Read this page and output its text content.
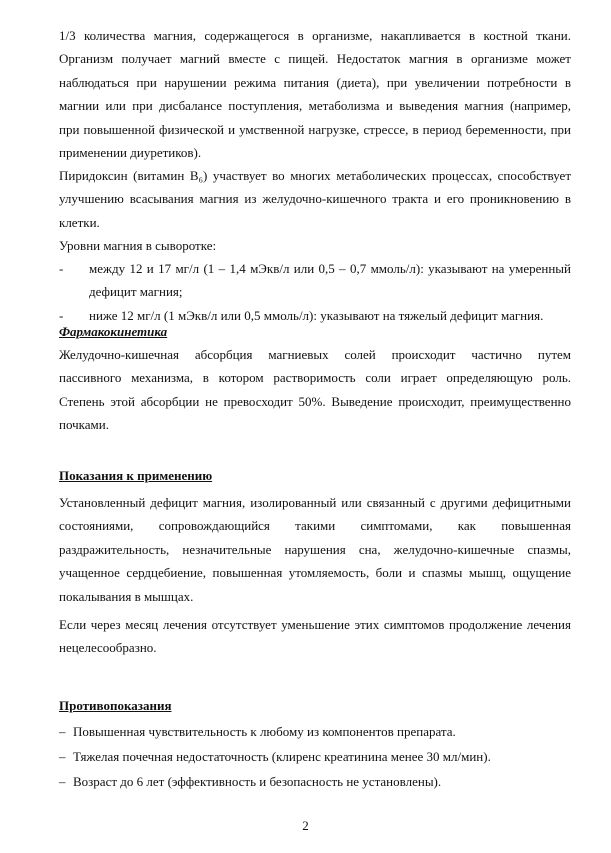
1/3 количества магния, содержащегося в организме, накапливается в костной ткани.
Организм получает магний вместе с пищей. Недостаток магния в организме может
наблюдаться при нарушении режима питания (диета), при увеличении потребности в
магнии или при дисбалансе поступления, метаболизма и выведения магния (например,
при повышенной физической и умственной нагрузке, стрессе, в период беременности, при
применении диуретиков).
Пиридоксин (витамин B₆) участвует во многих метаболических процессах, способствует
улучшению всасывания магния из желудочно-кишечного тракта и его проникновению в
клетки.
Уровни магния в сыворотке:
- между 12 и 17 мг/л (1 – 1,4 мЭкв/л или 0,5 – 0,7 ммоль/л): указывают на умеренный
дефицит магния;
- ниже 12 мг/л (1 мЭкв/л или 0,5 ммоль/л): указывают на тяжелый дефицит магния.
Фармакокинетика
Желудочно-кишечная абсорбция магниевых солей происходит частично путем
пассивного механизма, в котором растворимость соли играет определяющую роль.
Степень этой абсорбции не превосходит 50%. Выведение происходит, преимущественно
почками.
Показания к применению
Установленный дефицит магния, изолированный или связанный с другими дефицитными
состояниями, сопровождающийся такими симптомами, как повышенная
раздражительность, незначительные нарушения сна, желудочно-кишечные спазмы,
учащенное сердцебиение, повышенная утомляемость, боли и спазмы мышц, ощущение
покалывания в мышцах.
Если через месяц лечения отсутствует уменьшение этих симптомов продолжение лечения
нецелесообразно.
Противопоказания
– Повышенная чувствительность к любому из компонентов препарата.
– Тяжелая почечная недостаточность (клиренс креатинина менее 30 мл/мин).
– Возраст до 6 лет (эффективность и безопасность не установлены).
2
